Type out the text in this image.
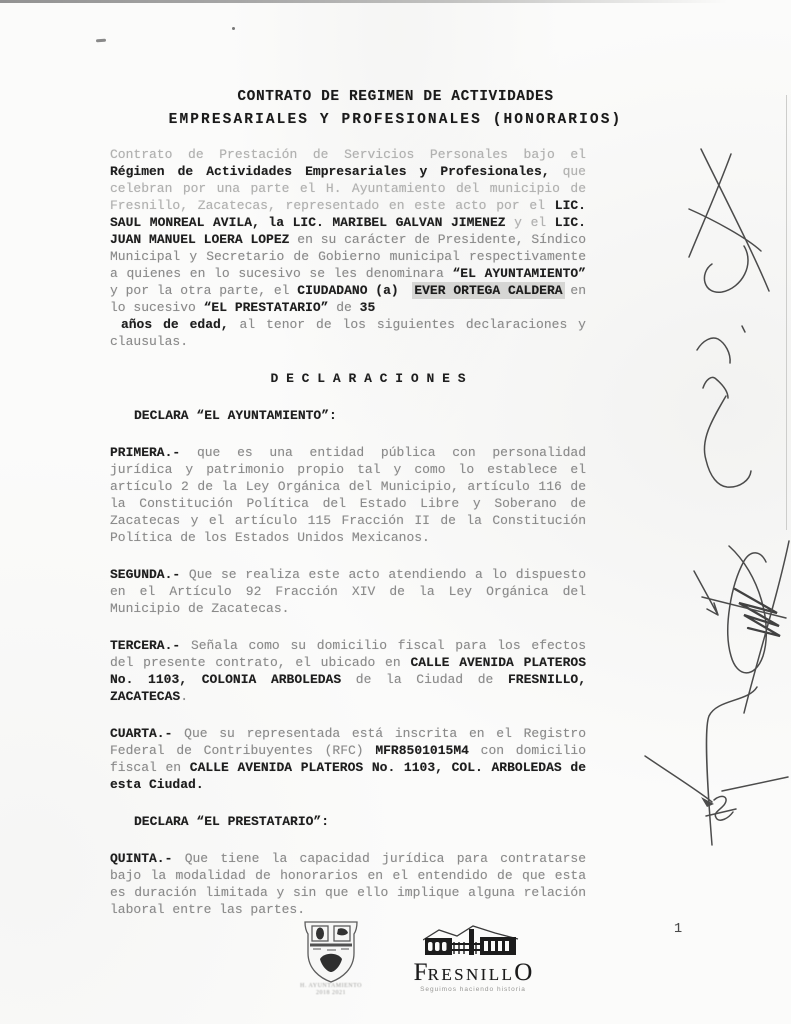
CONTRATO DE REGIMEN DE ACTIVIDADES
EMPRESARIALES Y PROFESIONALES (HONORARIOS)
Contrato de Prestación de Servicios Personales bajo el
Régimen de Actividades Empresariales y Profesionales, que
celebran por una parte el H. Ayuntamiento del municipio de
Fresnillo, Zacatecas, representado en este acto por el LIC.
SAUL MONREAL AVILA, la LIC. MARIBEL GALVAN JIMENEZ y el LIC.
JUAN MANUEL LOERA LOPEZ en su carácter de Presidente, Síndico
Municipal y Secretario de Gobierno municipal respectivamente
a quienes en lo sucesivo se les denominara “EL AYUNTAMIENTO”
y por la otra parte, el CIUDADANO (a)  EVER ORTEGA CALDERA en
lo sucesivo “EL PRESTATARIO” de 35
años de edad, al tenor de los siguientes declaraciones y
clausulas.
D E C L A R A C I O N E S
DECLARA “EL AYUNTAMIENTO”:
PRIMERA.- que es una entidad pública con personalidad
jurídica y patrimonio propio tal y como lo establece el
artículo 2 de la Ley Orgánica del Municipio, artículo 116 de
la Constitución Política del Estado Libre y Soberano de
Zacatecas y el artículo 115 Fracción II de la Constitución
Política de los Estados Unidos Mexicanos.
SEGUNDA.- Que se realiza este acto atendiendo a lo dispuesto
en el Artículo 92 Fracción XIV de la Ley Orgánica del
Municipio de Zacatecas.
TERCERA.- Señala como su domicilio fiscal para los efectos
del presente contrato, el ubicado en CALLE AVENIDA PLATEROS
No. 1103, COLONIA ARBOLEDAS de la Ciudad de FRESNILLO,
ZACATECAS.
CUARTA.- Que su representada está inscrita en el Registro
Federal de Contribuyentes (RFC) MFR8501015M4 con domicilio
fiscal en CALLE AVENIDA PLATEROS No. 1103, COL. ARBOLEDAS de
esta Ciudad.
DECLARA “EL PRESTATARIO”:
QUINTA.- Que tiene la capacidad jurídica para contratarse
bajo la modalidad de honorarios en el entendido de que esta
es duración limitada y sin que ello implique alguna relación
laboral entre las partes.
H. AYUNTAMIENTO
2018 2021
FRESNILLO
Seguimos haciendo historia
1
